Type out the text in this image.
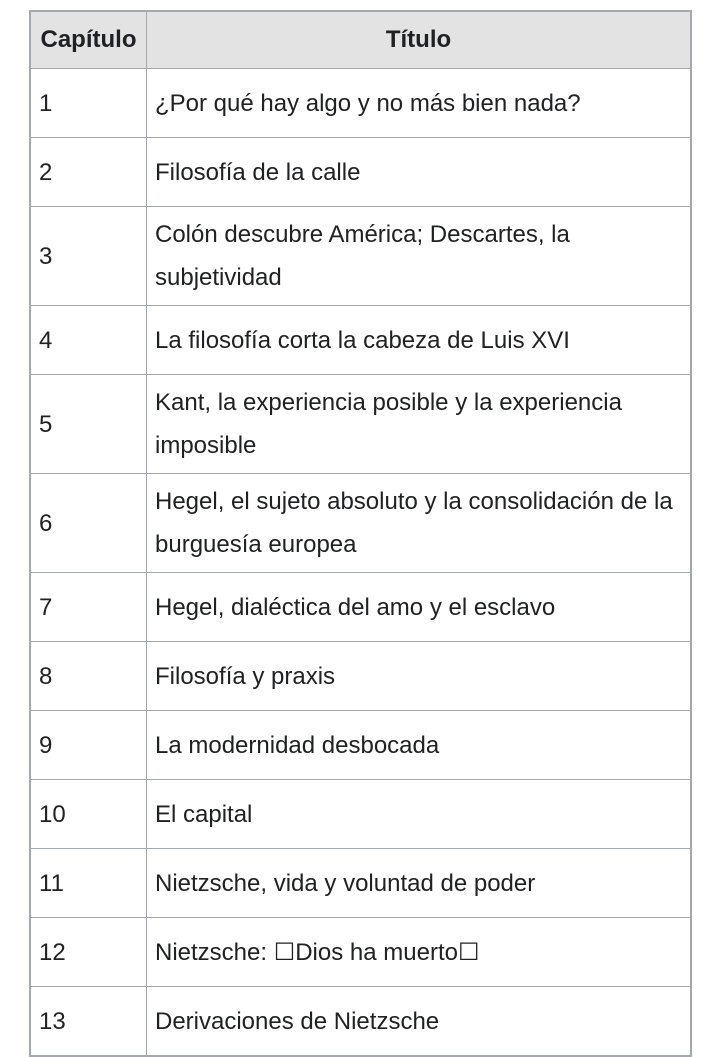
Capítulo	Título
1	¿Por qué hay algo y no más bien nada?
2	Filosofía de la calle
3	Colón descubre América; Descartes, la subjetividad
4	La filosofía corta la cabeza de Luis XVI
5	Kant, la experiencia posible y la experiencia imposible
6	Hegel, el sujeto absoluto y la consolidación de la burguesía europea
7	Hegel, dialéctica del amo y el esclavo
8	Filosofía y praxis
9	La modernidad desbocada
10	El capital
11	Nietzsche, vida y voluntad de poder
12	Nietzsche: ☐Dios ha muerto☐
13	Derivaciones de Nietzsche
